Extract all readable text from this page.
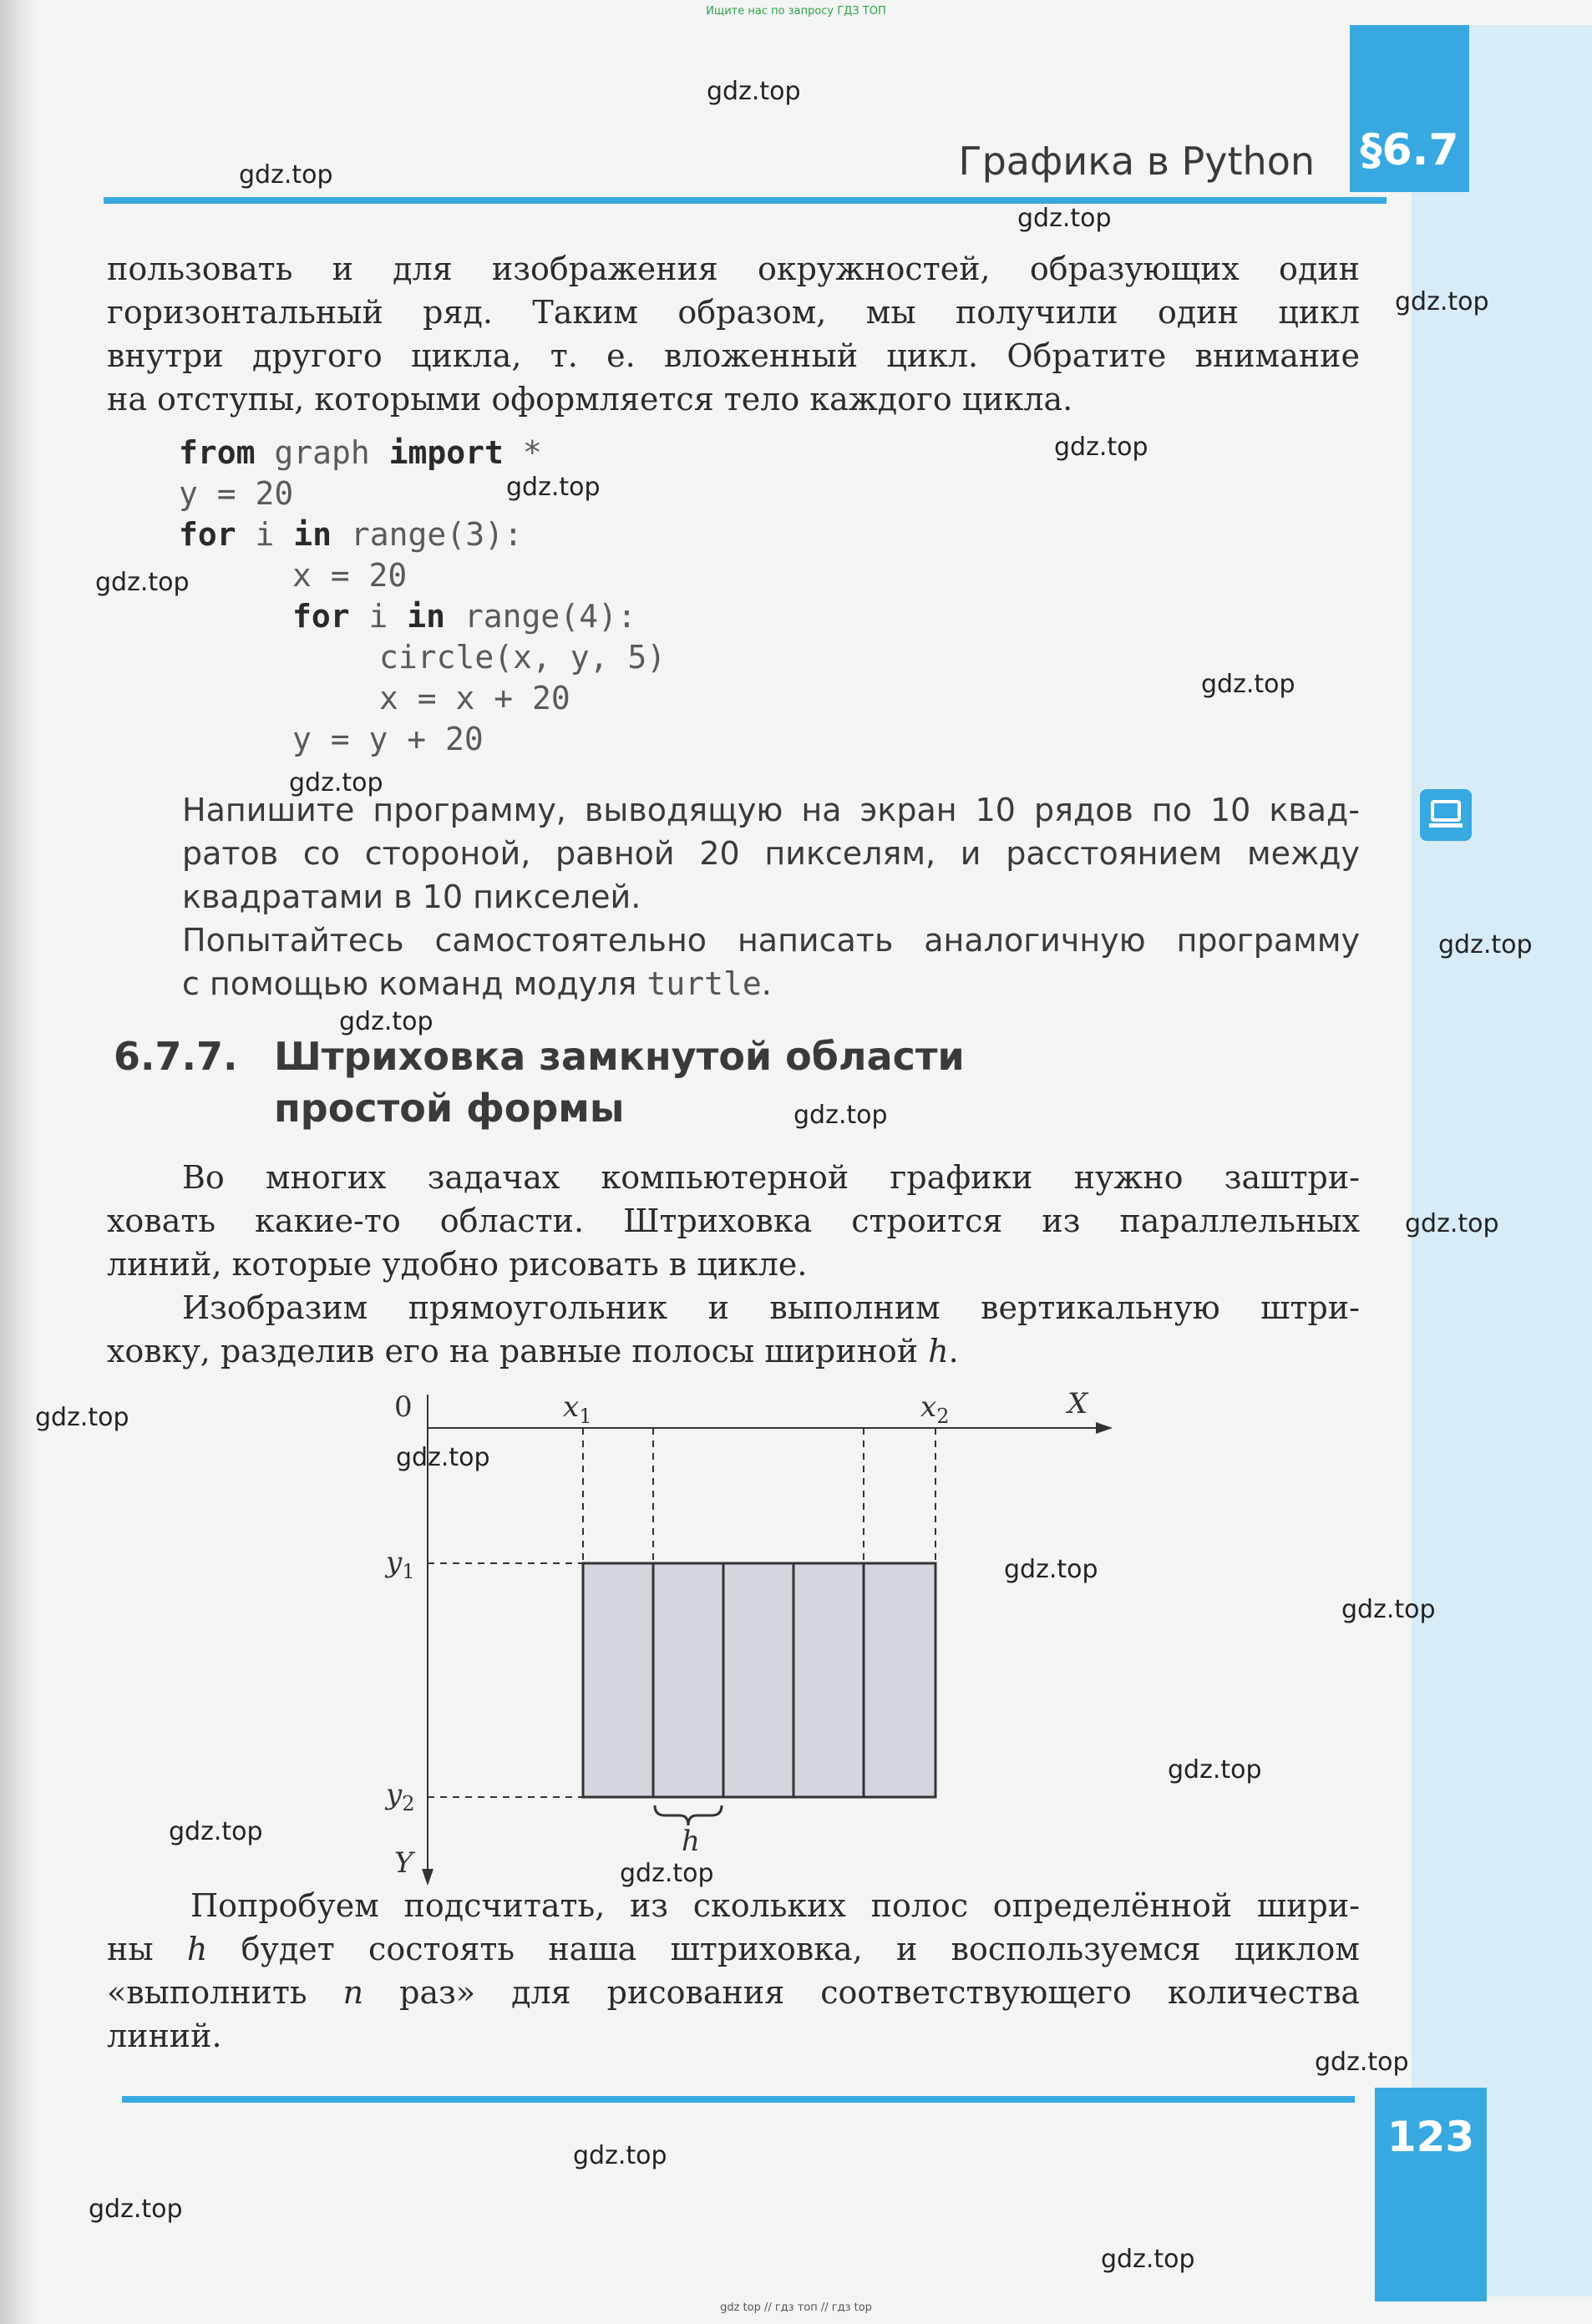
Ищите нас по запросу ГДЗ ТОП
§6.7
Графика в Python
пользовать и для изображения окружностей, образующих один
горизонтальный ряд. Таким образом, мы получили один цикл
внутри другого цикла, т. е. вложенный цикл. Обратите внимание
на отступы, которыми оформляется тело каждого цикла.
from graph import *
y = 20
for i in range(3):
x = 20
for i in range(4):
circle(x, y, 5)
x = x + 20
y = y + 20
Напишите программу, выводящую на экран 10 рядов по 10 квад-
ратов со стороной, равной 20 пикселям, и расстоянием между
квадратами в 10 пикселей.
Попытайтесь самостоятельно написать аналогичную программу
с помощью команд модуля turtle.
6.7.7. Штриховка замкнутой области
простой формы
Во многих задачах компьютерной графики нужно заштри-
ховать какие-то области. Штриховка строится из параллельных
линий, которые удобно рисовать в цикле.
Изобразим прямоугольник и выполним вертикальную штри-
ховку, разделив его на равные полосы шириной h.
0	X
Y
$x_1$	$x_2$
$y_1$
$y_2$
h
Попробуем подсчитать, из скольких полос определённой шири-
ны h будет состоять наша штриховка, и воспользуемся циклом
«выполнить n раз» для рисования соответствующего количества
линий.
123
gdz.top
gdz.top
gdz.top
gdz.top
gdz.top
gdz.top
gdz.top
gdz.top
gdz.top
gdz.top
gdz.top
gdz.top
gdz.top
gdz.top
gdz.top
gdz.top
gdz.top
gdz.top
gdz.top
gdz.top
gdz.top
gdz.top
gdz.top
gdz.top
gdz top // гдз топ // гдз top
